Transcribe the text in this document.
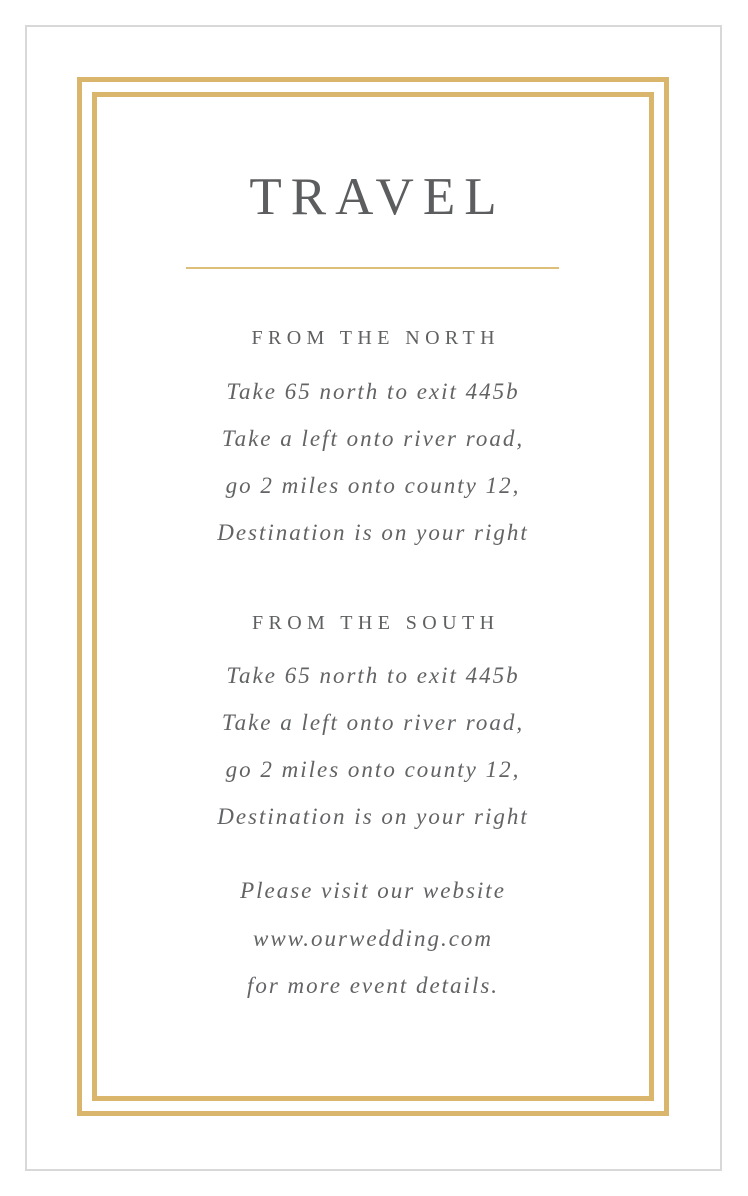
TRAVEL
FROM THE NORTH

Take 65 north to exit 445b

Take a left onto river road,

go 2 miles onto county 12,

Destination is on your right

FROM THE SOUTH

Take 65 north to exit 445b

Take a left onto river road,

go 2 miles onto county 12,

Destination is on your right

Please visit our website

www.ourwedding.com

for more event details.
